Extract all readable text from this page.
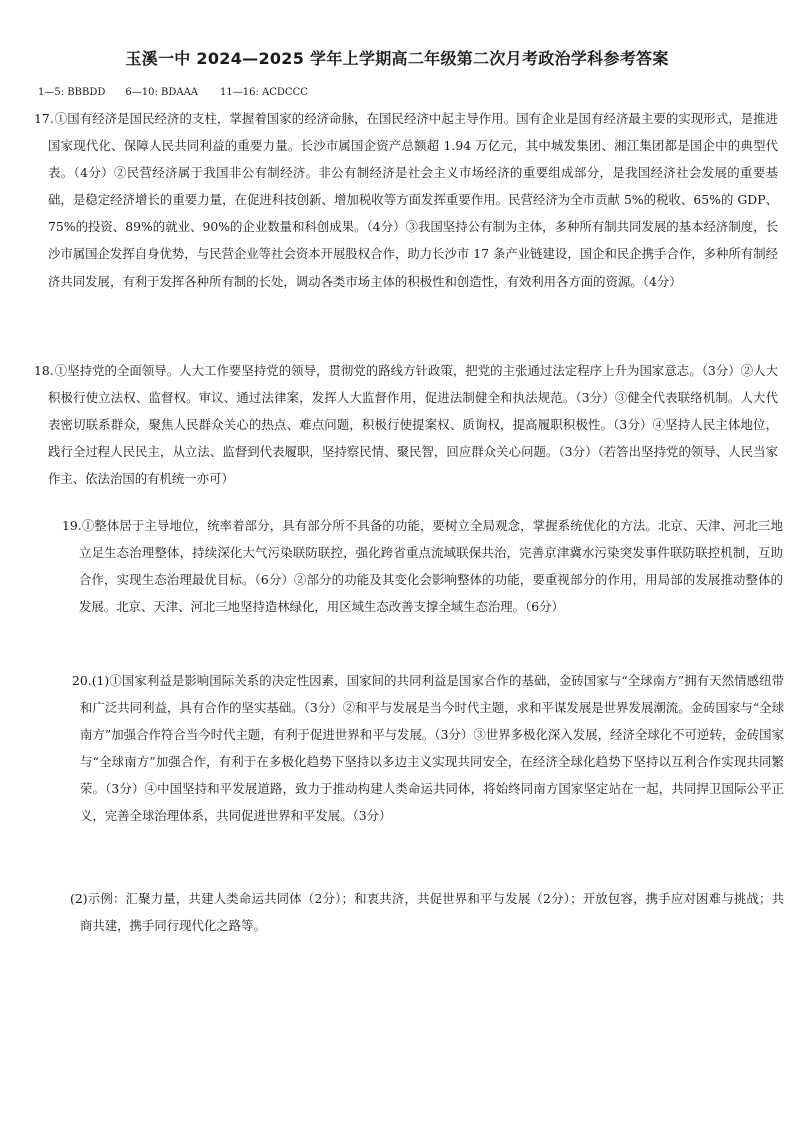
玉溪一中 2024—2025 学年上学期高二年级第二次月考政治学科参考答案
1—5: BBBDD 6—10: BDAAA 11—16: ACDCCC

17.①国有经济是国民经济的支柱，掌握着国家的经济命脉，在国民经济中起主导作用。国有企业是国有经济最主要的实现形式，是推进国家现代化、保障人民共同利益的重要力量。长沙市属国企资产总额超 1.94 万亿元，其中城发集团、湘江集团都是国企中的典型代表。（4分）②民营经济属于我国非公有制经济。非公有制经济是社会主义市场经济的重要组成部分，是我国经济社会发展的重要基础，是稳定经济增长的重要力量，在促进科技创新、增加税收等方面发挥重要作用。民营经济为全市贡献 5%的税收、65%的 GDP、75%的投资、89%的就业、90%的企业数量和科创成果。（4分）③我国坚持公有制为主体，多种所有制共同发展的基本经济制度，长沙市属国企发挥自身优势，与民营企业等社会资本开展股权合作，助力长沙市 17 条产业链建设，国企和民企携手合作，多种所有制经济共同发展，有利于发挥各种所有制的长处，调动各类市场主体的积极性和创造性，有效利用各方面的资源。（4分）

18.①坚持党的全面领导。人大工作要坚持党的领导，贯彻党的路线方针政策，把党的主张通过法定程序上升为国家意志。（3分）②人大积极行使立法权、监督权。审议、通过法律案，发挥人大监督作用，促进法制健全和执法规范。（3分）③健全代表联络机制。人大代表密切联系群众，聚焦人民群众关心的热点、难点问题，积极行使提案权、质询权，提高履职积极性。（3分）④坚持人民主体地位，践行全过程人民民主，从立法、监督到代表履职，坚持察民情、聚民智，回应群众关心问题。（3分）（若答出坚持党的领导、人民当家作主、依法治国的有机统一亦可）

19.①整体居于主导地位，统率着部分，具有部分所不具备的功能，要树立全局观念，掌握系统优化的方法。北京、天津、河北三地立足生态治理整体，持续深化大气污染联防联控，强化跨省重点流域联保共治，完善京津冀水污染突发事件联防联控机制，互助合作，实现生态治理最优目标。（6分）②部分的功能及其变化会影响整体的功能，要重视部分的作用，用局部的发展推动整体的发展。北京、天津、河北三地坚持造林绿化，用区域生态改善支撑全域生态治理。（6分）

20.(1)①国家利益是影响国际关系的决定性因素，国家间的共同利益是国家合作的基础，金砖国家与“全球南方”拥有天然情感纽带和广泛共同利益，具有合作的坚实基础。（3分）②和平与发展是当今时代主题，求和平谋发展是世界发展潮流。金砖国家与“全球南方”加强合作符合当今时代主题，有利于促进世界和平与发展。（3分）③世界多极化深入发展，经济全球化不可逆转，金砖国家与“全球南方”加强合作，有利于在多极化趋势下坚持以多边主义实现共同安全，在经济全球化趋势下坚持以互利合作实现共同繁荣。（3分）④中国坚持和平发展道路，致力于推动构建人类命运共同体，将始终同南方国家坚定站在一起，共同捍卫国际公平正义，完善全球治理体系，共同促进世界和平发展。（3分）

(2)示例：汇聚力量，共建人类命运共同体（2分）；和衷共济，共促世界和平与发展（2分）；开放包容，携手应对困难与挑战；共商共建，携手同行现代化之路等。
